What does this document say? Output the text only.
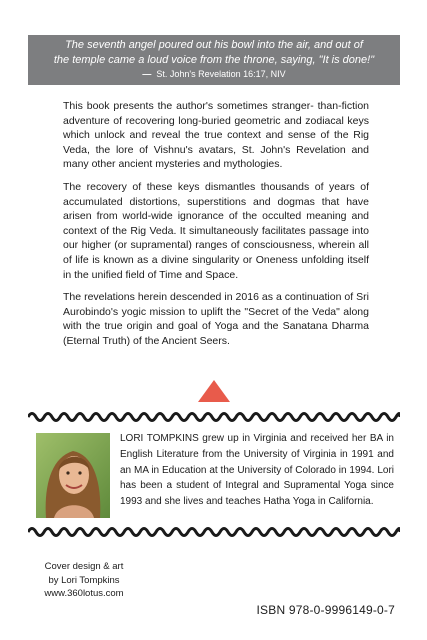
The seventh angel poured out his bowl into the air, and out of
the temple came a loud voice from the throne, saying, "It is done!"
— St. John's Revelation 16:17, NIV

This book presents the author's sometimes stranger- than-fiction adventure of recovering long-buried geometric and zodiacal keys which unlock and reveal the true context and sense of the Rig Veda, the lore of Vishnu's avatars, St. John's Revelation and many other ancient mysteries and mythologies.

The recovery of these keys dismantles thousands of years of accumulated distortions, superstitions and dogmas that have arisen from world-wide ignorance of the occulted meaning and context of the Rig Veda. It simultaneously facilitates passage into our higher (or supramental) ranges of consciousness, wherein all of life is known as a divine singularity or Oneness unfolding itself in the unified field of Time and Space.

The revelations herein descended in 2016 as a continuation of Sri Aurobindo's yogic mission to uplift the "Secret of the Veda" along with the true origin and goal of Yoga and the Sanatana Dharma (Eternal Truth) of the Ancient Seers.

LORI TOMPKINS grew up in Virginia and received her BA in English Literature from the University of Virginia in 1991 and an MA in Education at the University of Colorado in 1994. Lori has been a student of Integral and Supramental Yoga since 1993 and she lives and teaches Hatha Yoga in California.

Cover design & art
by Lori Tompkins
www.360lotus.com
ISBN 978-0-9996149-0-7
